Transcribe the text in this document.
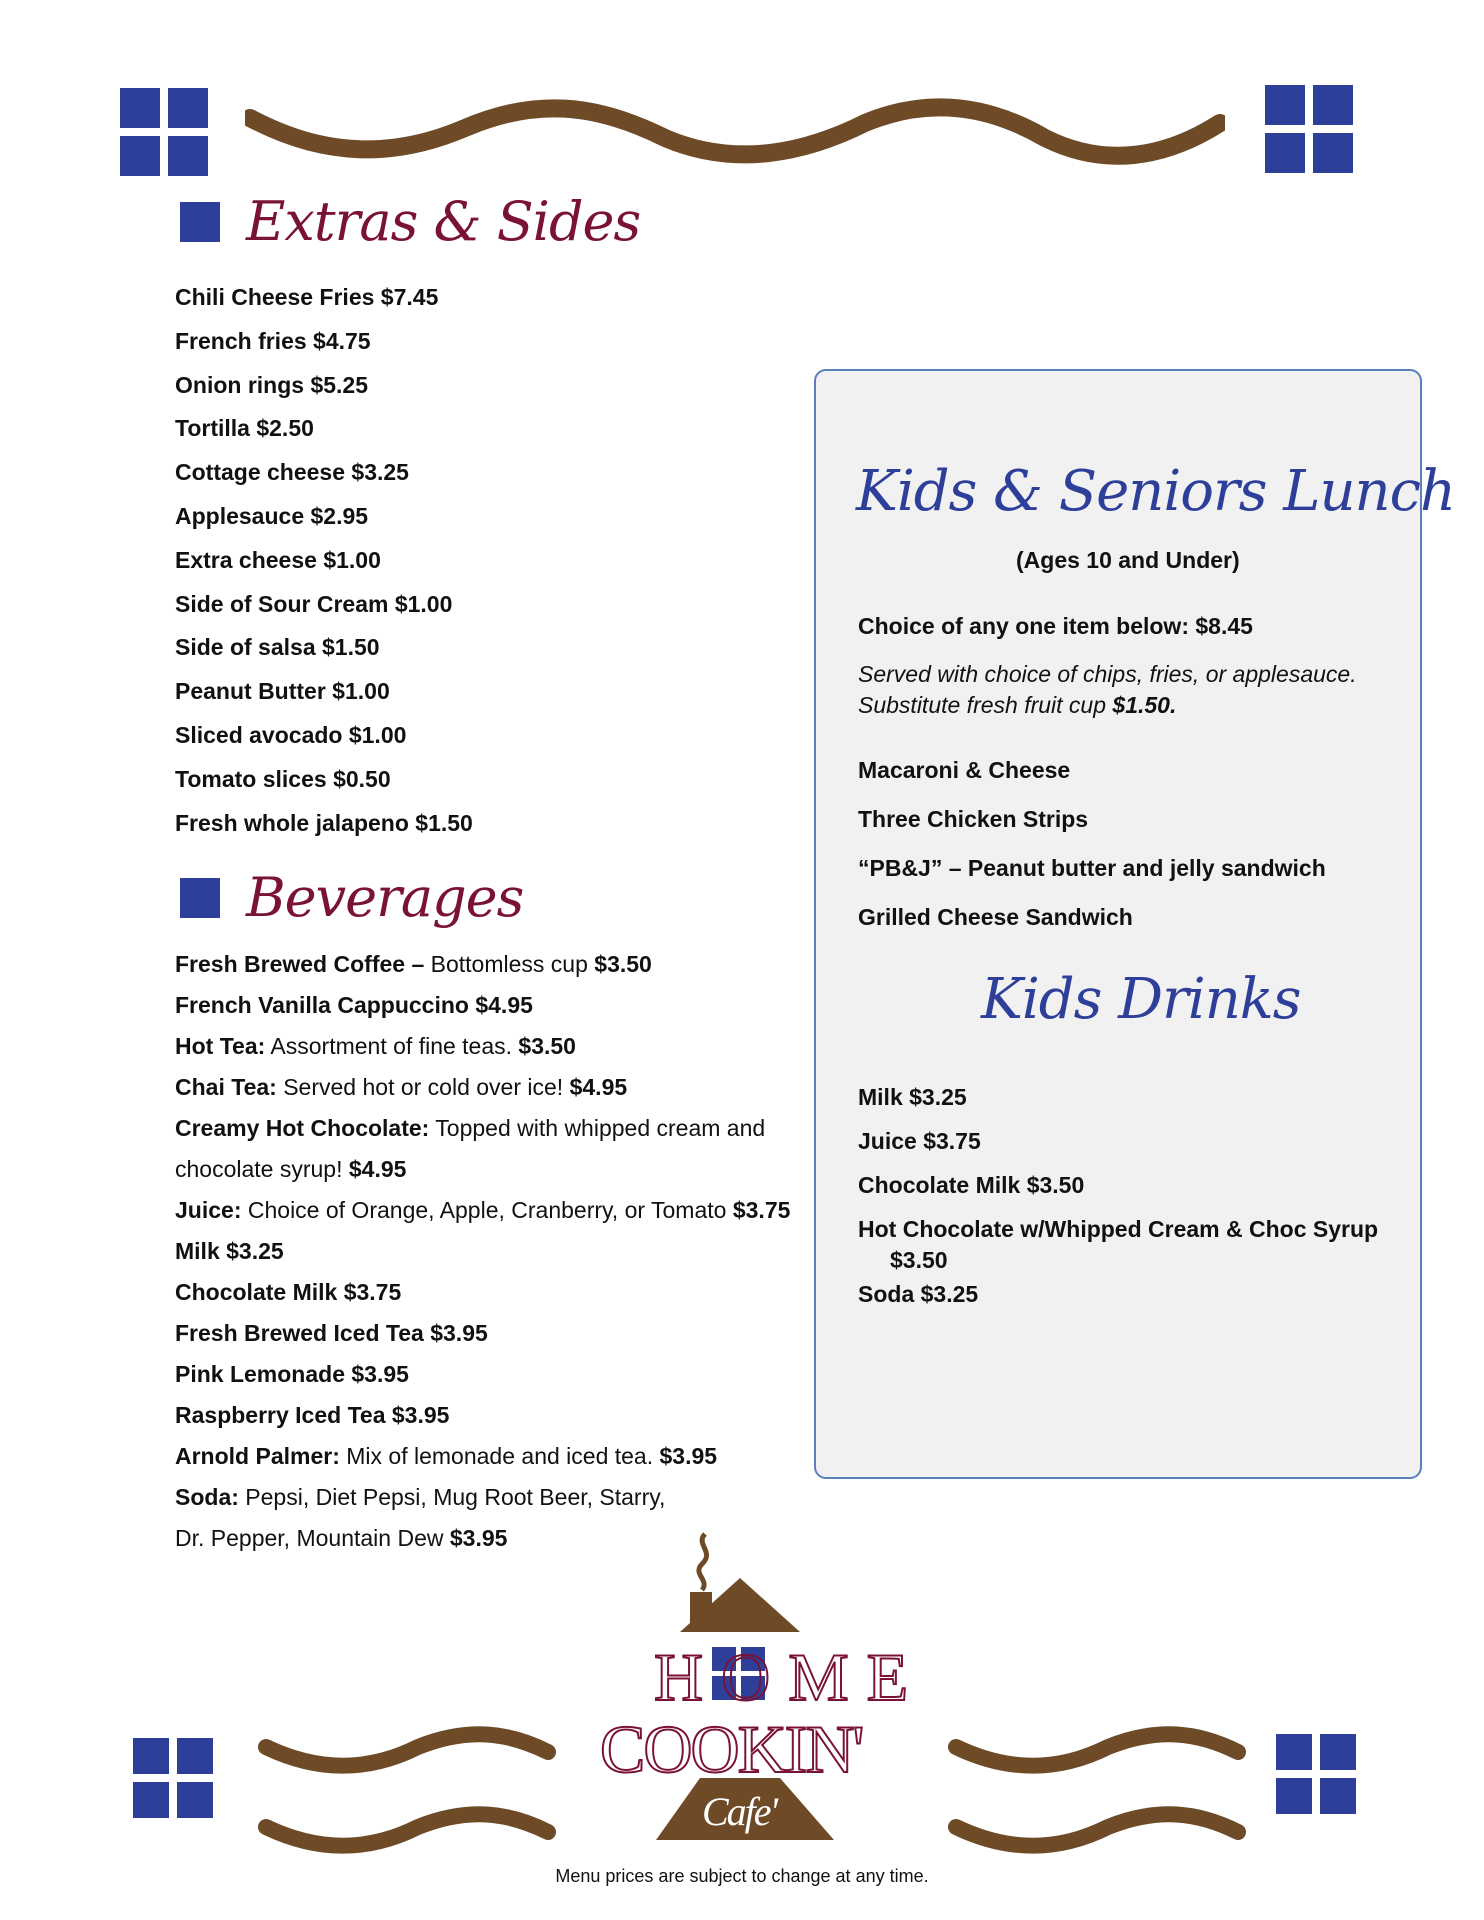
Extras & Sides
Chili Cheese Fries $7.45
French fries $4.75
Onion rings $5.25
Tortilla $2.50
Cottage cheese $3.25
Applesauce $2.95
Extra cheese $1.00
Side of Sour Cream $1.00
Side of salsa $1.50
Peanut Butter $1.00
Sliced avocado $1.00
Tomato slices $0.50
Fresh whole jalapeno $1.50
Beverages
Fresh Brewed Coffee – Bottomless cup $3.50
French Vanilla Cappuccino $4.95
Hot Tea: Assortment of fine teas. $3.50
Chai Tea: Served hot or cold over ice! $4.95
Creamy Hot Chocolate: Topped with whipped cream and
chocolate syrup! $4.95
Juice: Choice of Orange, Apple, Cranberry, or Tomato $3.75
Milk $3.25
Chocolate Milk $3.75
Fresh Brewed Iced Tea $3.95
Pink Lemonade $3.95
Raspberry Iced Tea $3.95
Arnold Palmer: Mix of lemonade and iced tea. $3.95
Soda: Pepsi, Diet Pepsi, Mug Root Beer, Starry,
Dr. Pepper, Mountain Dew $3.95
Kids & Seniors Lunch
(Ages 10 and Under)
Choice of any one item below: $8.45
Served with choice of chips, fries, or applesauce.
Substitute fresh fruit cup $1.50.
Macaroni & Cheese
Three Chicken Strips
“PB&J” – Peanut butter and jelly sandwich
Grilled Cheese Sandwich
Kids Drinks
Milk $3.25
Juice $3.75
Chocolate Milk $3.50
Hot Chocolate w/Whipped Cream & Choc Syrup
$3.50
Soda $3.25
HOME
COOKIN'
Cafe'
Menu prices are subject to change at any time.
